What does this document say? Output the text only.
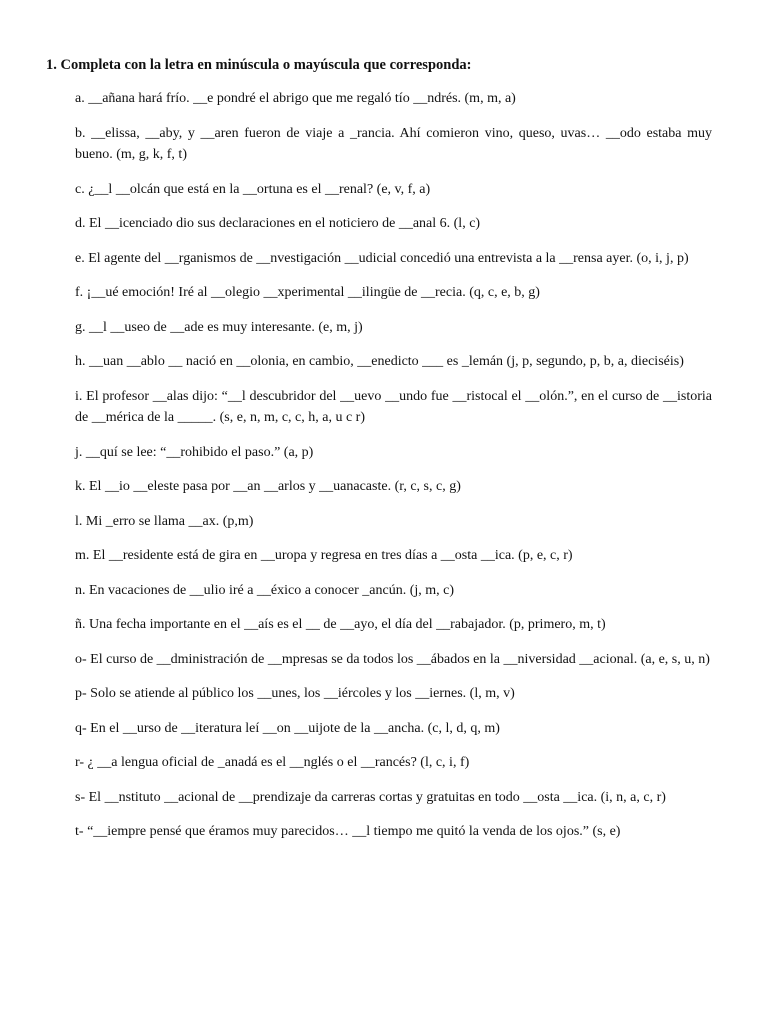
1. Completa con la letra en minúscula o mayúscula que corresponda:
a. __añana hará frío. __e pondré el abrigo que me regaló tío __ndrés. (m, m, a)
b. __elissa, __aby, y __aren fueron de viaje a _rancia. Ahí comieron vino, queso, uvas… __odo estaba muy bueno. (m, g, k, f, t)
c. ¿__l __olcán que está en la __ortuna es el __renal? (e, v, f, a)
d. El __icenciado dio sus declaraciones en el noticiero de __anal 6. (l, c)
e. El agente del __rganismos de __nvestigación __udicial concedió una entrevista a la __rensa ayer. (o, i, j, p)
f. ¡__ué emoción! Iré al __olegio __xperimental __ilingüe de __recia. (q, c, e, b, g)
g. __l __useo de __ade es muy interesante. (e, m, j)
h. __uan __ablo __ nació en __olonia, en cambio, __enedicto ___ es _lemán (j, p, segundo, p, b, a, dieciséis)
i. El profesor __alas dijo: “__l descubridor del __uevo __undo fue __ristocal el __olón.”, en el curso de __istoria de __mérica de la _____. (s, e, n, m, c, c, h, a, u c r)
j. __quí se lee: “__rohibido el paso.” (a, p)
k. El __io __eleste pasa por __an __arlos y __uanacaste. (r, c, s, c, g)
l. Mi _erro se llama __ax. (p,m)
m. El __residente está de gira en __uropa y regresa en tres días a __osta __ica. (p, e, c, r)
n. En vacaciones de __ulio iré a __éxico a conocer _ancún. (j, m, c)
ñ. Una fecha importante en el __aís es el __ de __ayo, el día del __rabajador. (p, primero, m, t)
o- El curso de __dministración de __mpresas se da todos los __ábados en la __niversidad __acional. (a, e, s, u, n)
p- Solo se atiende al público los __unes, los __iércoles y los __iernes. (l, m, v)
q- En el __urso de __iteratura leí __on __uijote de la __ancha. (c, l, d, q, m)
r- ¿ __a lengua oficial de _anadá es el __nglés o el __rancés? (l, c, i, f)
s- El __nstituto __acional de __prendizaje da carreras cortas y gratuitas en todo __osta __ica. (i, n, a, c, r)
t- “__iempre pensé que éramos muy parecidos… __l tiempo me quitó la venda de los ojos.” (s, e)
